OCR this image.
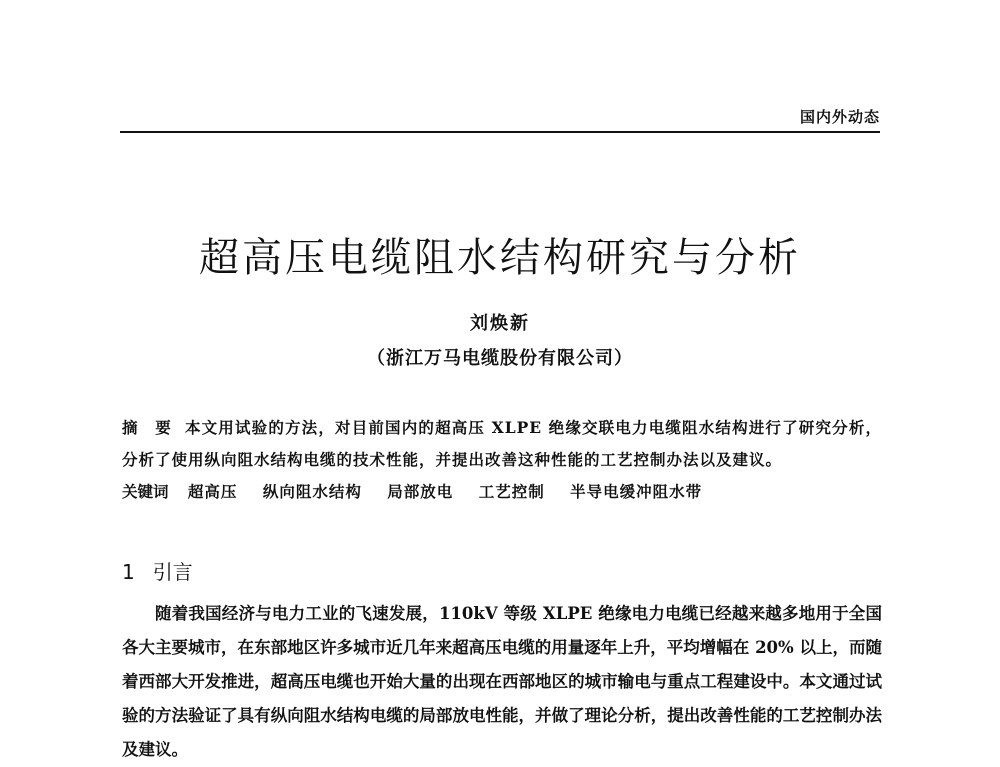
国内外动态
超高压电缆阻水结构研究与分析
刘焕新
（浙江万马电缆股份有限公司）
摘 要 本文用试验的方法，对目前国内的超高压 XLPE 绝缘交联电力电缆阻水结构进行了研究分析，分析了使用纵向阻水结构电缆的技术性能，并提出改善这种性能的工艺控制办法以及建议。
关键词 超高压 纵向阻水结构 局部放电 工艺控制 半导电缓冲阻水带
1 引言
随着我国经济与电力工业的飞速发展，110kV 等级 XLPE 绝缘电力电缆已经越来越多地用于全国各大主要城市，在东部地区许多城市近几年来超高压电缆的用量逐年上升，平均增幅在 20% 以上，而随着西部大开发推进，超高压电缆也开始大量的出现在西部地区的城市输电与重点工程建设中。本文通过试验的方法验证了具有纵向阻水结构电缆的局部放电性能，并做了理论分析，提出改善性能的工艺控制办法及建议。
